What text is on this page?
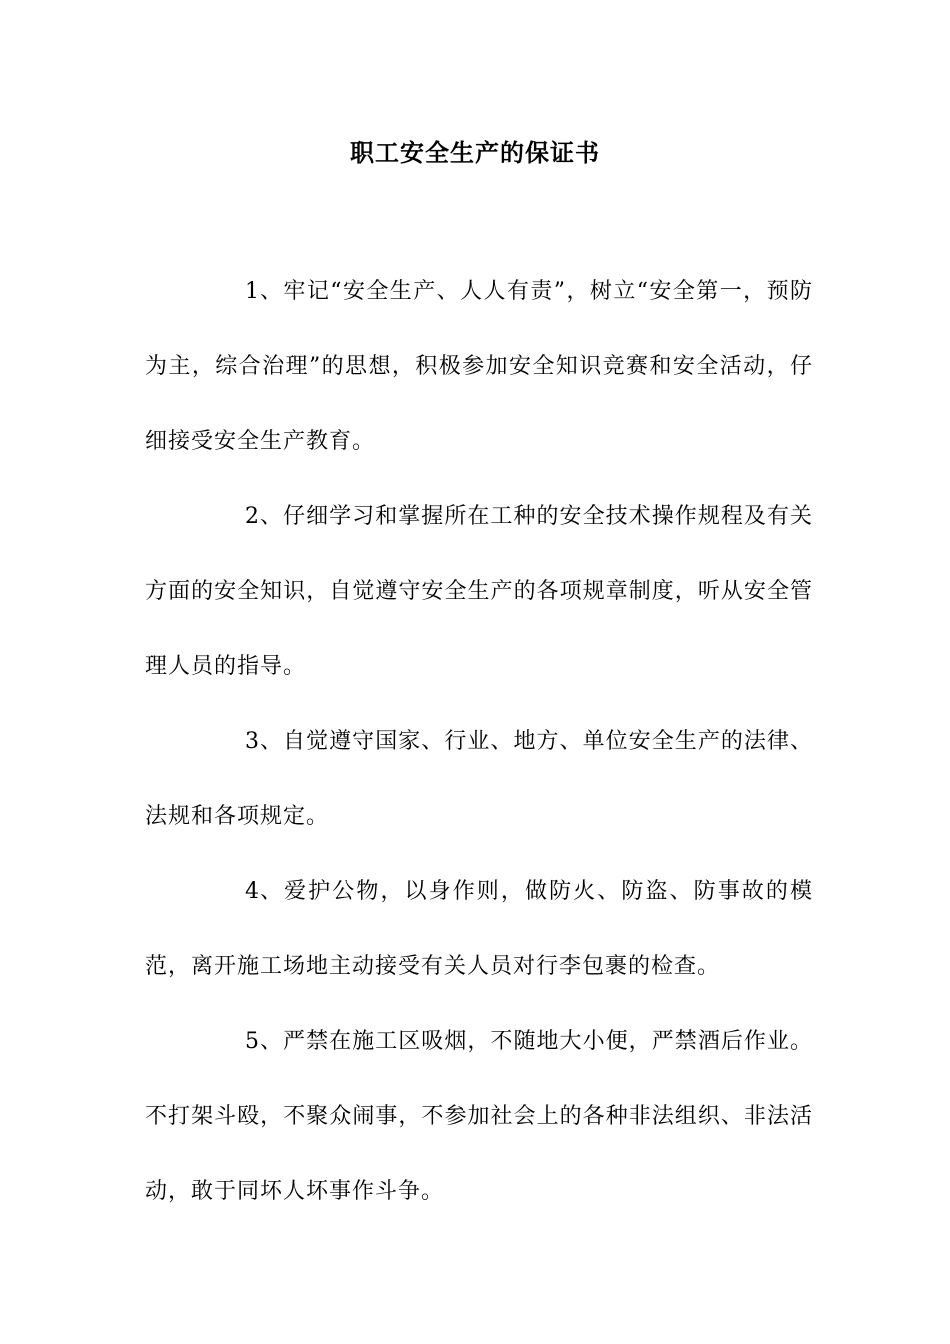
职工安全生产的保证书

1、牢记“安全生产、人人有责”，树立“安全第一，预防为主，综合治理”的思想，积极参加安全知识竞赛和安全活动，仔细接受安全生产教育。

2、仔细学习和掌握所在工种的安全技术操作规程及有关方面的安全知识，自觉遵守安全生产的各项规章制度，听从安全管理人员的指导。

3、自觉遵守国家、行业、地方、单位安全生产的法律、法规和各项规定。

4、爱护公物，以身作则，做防火、防盗、防事故的模范，离开施工场地主动接受有关人员对行李包裹的检查。

5、严禁在施工区吸烟，不随地大小便，严禁酒后作业。不打架斗殴，不聚众闹事，不参加社会上的各种非法组织、非法活动，敢于同坏人坏事作斗争。
